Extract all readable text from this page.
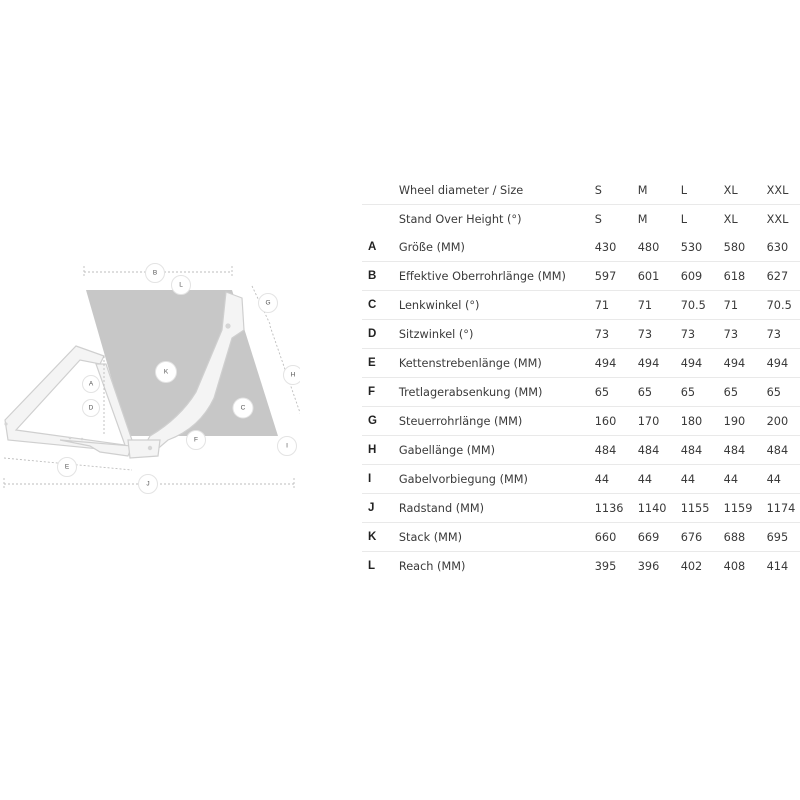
B
L
G
K	H
A
C
D
F
I
E
J
	Wheel diameter / Size	S	M	L	XL	XXL
	Stand Over Height (°)	S	M	L	XL	XXL
A	Größe (MM)	430	480	530	580	630
B	Effektive Oberrohrlänge (MM)	597	601	609	618	627
C	Lenkwinkel (°)	71	71	70.5	71	70.5
D	Sitzwinkel (°)	73	73	73	73	73
E	Kettenstrebenlänge (MM)	494	494	494	494	494
F	Tretlagerabsenkung (MM)	65	65	65	65	65
G	Steuerrohrlänge (MM)	160	170	180	190	200
H	Gabellänge (MM)	484	484	484	484	484
I	Gabelvorbiegung (MM)	44	44	44	44	44
J	Radstand (MM)	1136	1140	1155	1159	1174
K	Stack (MM)	660	669	676	688	695
L	Reach (MM)	395	396	402	408	414
